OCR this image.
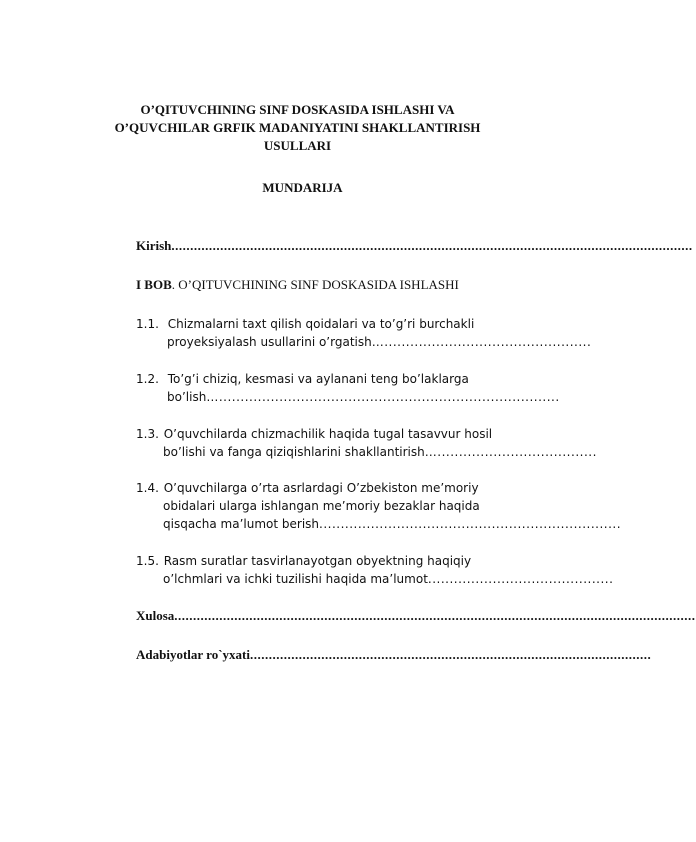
O’QITUVCHINING SINF DOSKASIDA ISHLASHI VA
O’QUVCHILAR GRFIK MADANIYATINI SHAKLLANTIRISH
USULLARI
MUNDARIJA
Kirish...........................................................................................................................................
I BOB. O’QITUVCHINING SINF DOSKASIDA ISHLASHI
1.1. Chizmalarni taxt qilish qoidalari va to’g’ri burchakli
proyeksiyalash usullarini o’rgatish…................................................
1.2. To’g’i chiziq, kesmasi va aylanani teng bo’laklarga
bo’lish…...............................................................................
1.3. O’quvchilarda chizmachilik haqida tugal tasavvur hosil
bo’lishi va fanga qiziqishlarini shakllantirish….....................................
1.4. O’quvchilarga o’rta asrlardagi O’zbekiston me’moriy
obidalari ularga ishlangan me’moriy bezaklar haqida
qisqacha ma’lumot berish......................................................................
1.5. Rasm suratlar tasvirlanayotgan obyektning haqiqiy
o’lchmlari va ichki tuzilishi haqida ma’lumot...........................................
Xulosa...........................................................................................................................................
Adabiyotlar ro`yxati...........................................................................................................
